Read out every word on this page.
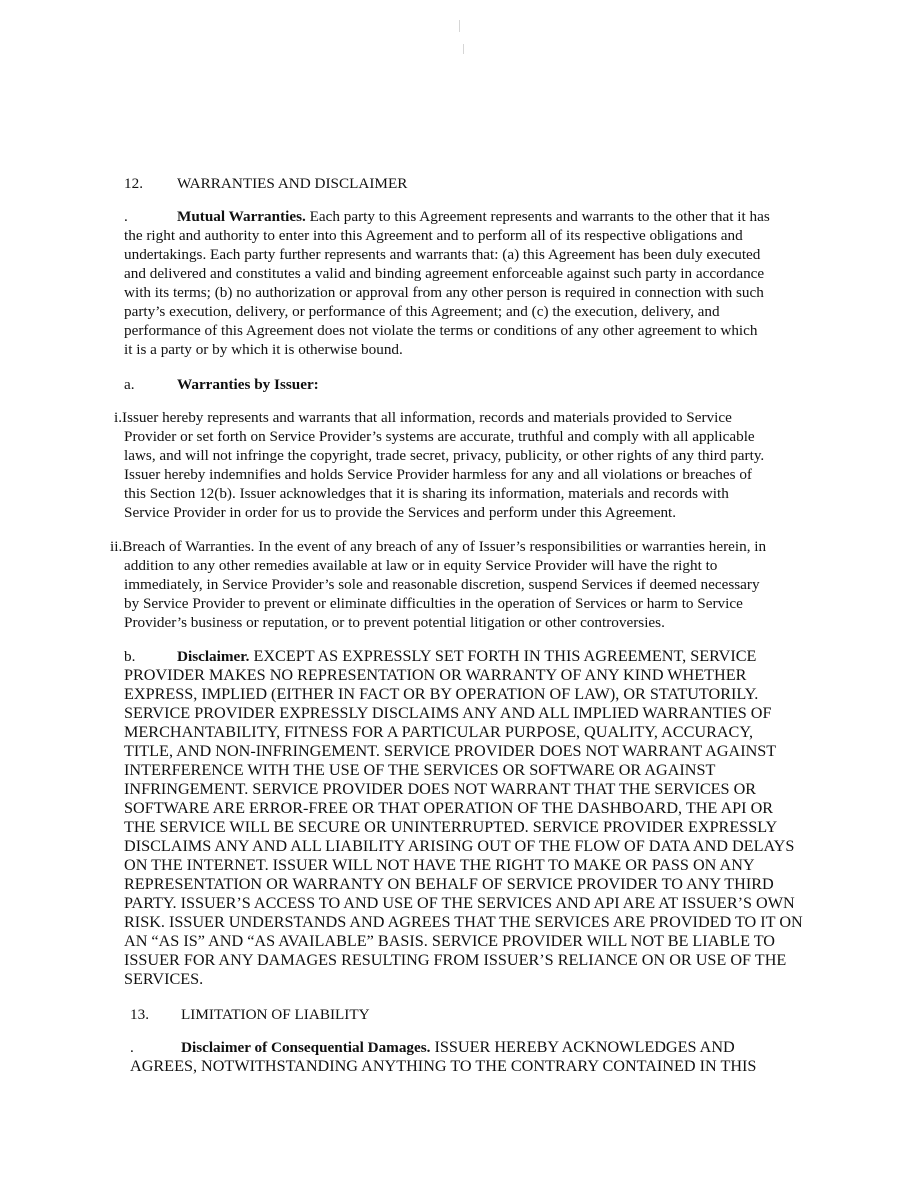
12. WARRANTIES AND DISCLAIMER
.	Mutual Warranties. Each party to this Agreement represents and warrants to the other that it has
the right and authority to enter into this Agreement and to perform all of its respective obligations and
undertakings. Each party further represents and warrants that: (a) this Agreement has been duly executed
and delivered and constitutes a valid and binding agreement enforceable against such party in accordance
with its terms; (b) no authorization or approval from any other person is required in connection with such
party’s execution, delivery, or performance of this Agreement; and (c) the execution, delivery, and
performance of this Agreement does not violate the terms or conditions of any other agreement to which
it is a party or by which it is otherwise bound.
a.	Warranties by Issuer:
i.Issuer hereby represents and warrants that all information, records and materials provided to Service
Provider or set forth on Service Provider’s systems are accurate, truthful and comply with all applicable
laws, and will not infringe the copyright, trade secret, privacy, publicity, or other rights of any third party.
Issuer hereby indemnifies and holds Service Provider harmless for any and all violations or breaches of
this Section 12(b). Issuer acknowledges that it is sharing its information, materials and records with
Service Provider in order for us to provide the Services and perform under this Agreement.
ii.Breach of Warranties. In the event of any breach of any of Issuer’s responsibilities or warranties herein, in
addition to any other remedies available at law or in equity Service Provider will have the right to
immediately, in Service Provider’s sole and reasonable discretion, suspend Services if deemed necessary
by Service Provider to prevent or eliminate difficulties in the operation of Services or harm to Service
Provider’s business or reputation, or to prevent potential litigation or other controversies.
b.	Disclaimer. EXCEPT AS EXPRESSLY SET FORTH IN THIS AGREEMENT, SERVICE
PROVIDER MAKES NO REPRESENTATION OR WARRANTY OF ANY KIND WHETHER
EXPRESS, IMPLIED (EITHER IN FACT OR BY OPERATION OF LAW), OR STATUTORILY.
SERVICE PROVIDER EXPRESSLY DISCLAIMS ANY AND ALL IMPLIED WARRANTIES OF
MERCHANTABILITY, FITNESS FOR A PARTICULAR PURPOSE, QUALITY, ACCURACY,
TITLE, AND NON-INFRINGEMENT. SERVICE PROVIDER DOES NOT WARRANT AGAINST
INTERFERENCE WITH THE USE OF THE SERVICES OR SOFTWARE OR AGAINST
INFRINGEMENT. SERVICE PROVIDER DOES NOT WARRANT THAT THE SERVICES OR
SOFTWARE ARE ERROR-FREE OR THAT OPERATION OF THE DASHBOARD, THE API OR
THE SERVICE WILL BE SECURE OR UNINTERRUPTED. SERVICE PROVIDER EXPRESSLY
DISCLAIMS ANY AND ALL LIABILITY ARISING OUT OF THE FLOW OF DATA AND DELAYS
ON THE INTERNET. ISSUER WILL NOT HAVE THE RIGHT TO MAKE OR PASS ON ANY
REPRESENTATION OR WARRANTY ON BEHALF OF SERVICE PROVIDER TO ANY THIRD
PARTY. ISSUER’S ACCESS TO AND USE OF THE SERVICES AND API ARE AT ISSUER’S OWN
RISK. ISSUER UNDERSTANDS AND AGREES THAT THE SERVICES ARE PROVIDED TO IT ON
AN “AS IS” AND “AS AVAILABLE” BASIS. SERVICE PROVIDER WILL NOT BE LIABLE TO
ISSUER FOR ANY DAMAGES RESULTING FROM ISSUER’S RELIANCE ON OR USE OF THE
SERVICES.
13. LIMITATION OF LIABILITY
.	Disclaimer of Consequential Damages. ISSUER HEREBY ACKNOWLEDGES AND
AGREES, NOTWITHSTANDING ANYTHING TO THE CONTRARY CONTAINED IN THIS
